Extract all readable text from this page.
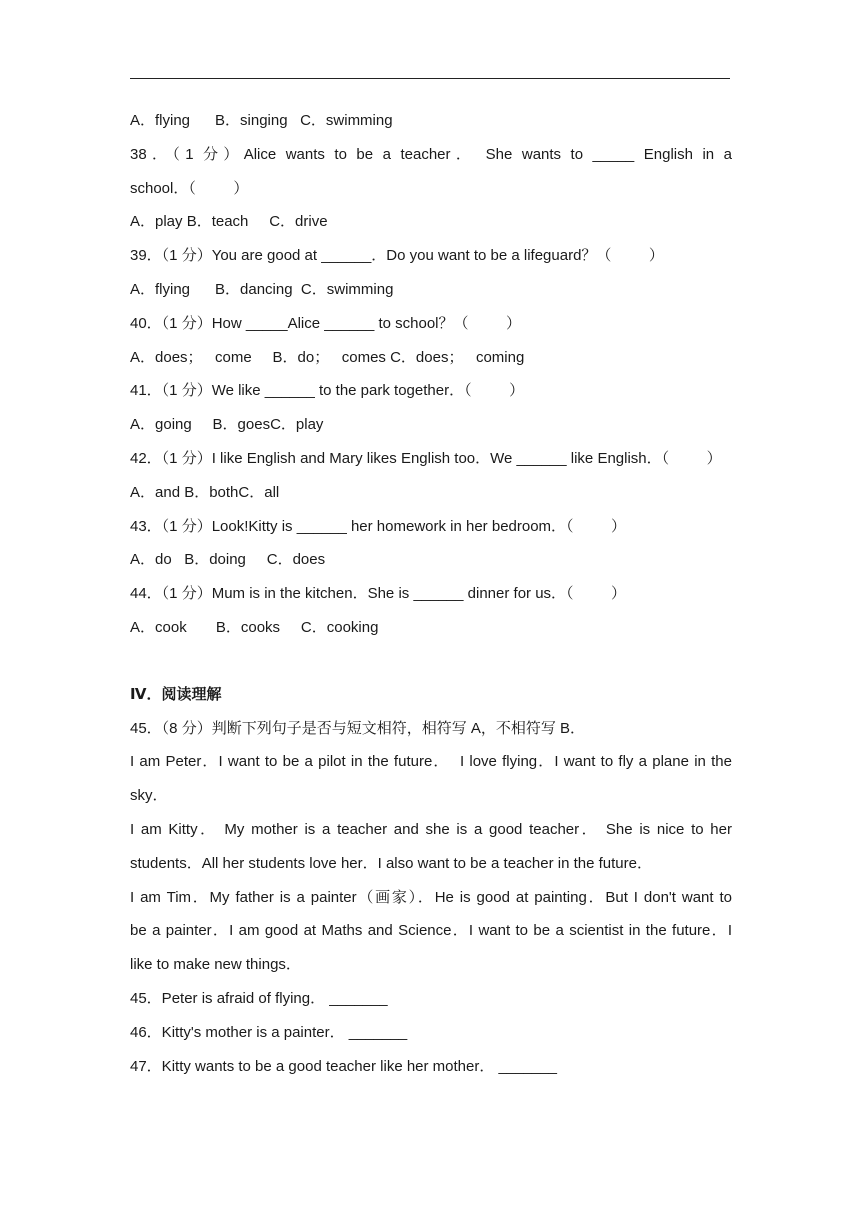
A．flying      B．singing   C．swimming
38．（1 分）Alice wants to be a teacher． She wants to _____ English in a
school．（         ）
A．play B．teach     C．drive
39．（1 分）You are good at ______．Do you want to be a lifeguard？（         ）
A．flying      B．dancing  C．swimming
40．（1 分）How _____Alice ______ to school？（         ）
A．does；   come     B．do；   comes C．does；   coming
41．（1 分）We like ______ to the park together．（         ）
A．going     B．goesC．play
42．（1 分）I like English and Mary likes English too．We ______ like English．（         ）
A．and B．bothC．all
43．（1 分）Look!Kitty is ______ her homework in her bedroom．（         ）
A．do   B．doing     C．does
44．（1 分）Mum is in the kitchen．She is ______ dinner for us．（         ）
A．cook       B．cooks     C．cooking
Ⅳ．阅读理解
45．（8 分）判断下列句子是否与短文相符，相符写 A，不相符写 B．
I am Peter．I want to be a pilot in the future．  I love flying．I want to fly a plane in the
sky．
I am Kitty． My mother is a teacher and she is a good teacher． She is nice to her
students．All her students love her．I also want to be a teacher in the future．
I am Tim．My father is a painter（画家）．He is good at painting．But I don't want to
be a painter．I am good at Maths and Science．I want to be a scientist in the future．I
like to make new things．
45．Peter is afraid of flying． _______
46．Kitty's mother is a painter． _______
47．Kitty wants to be a good teacher like her mother． _______
